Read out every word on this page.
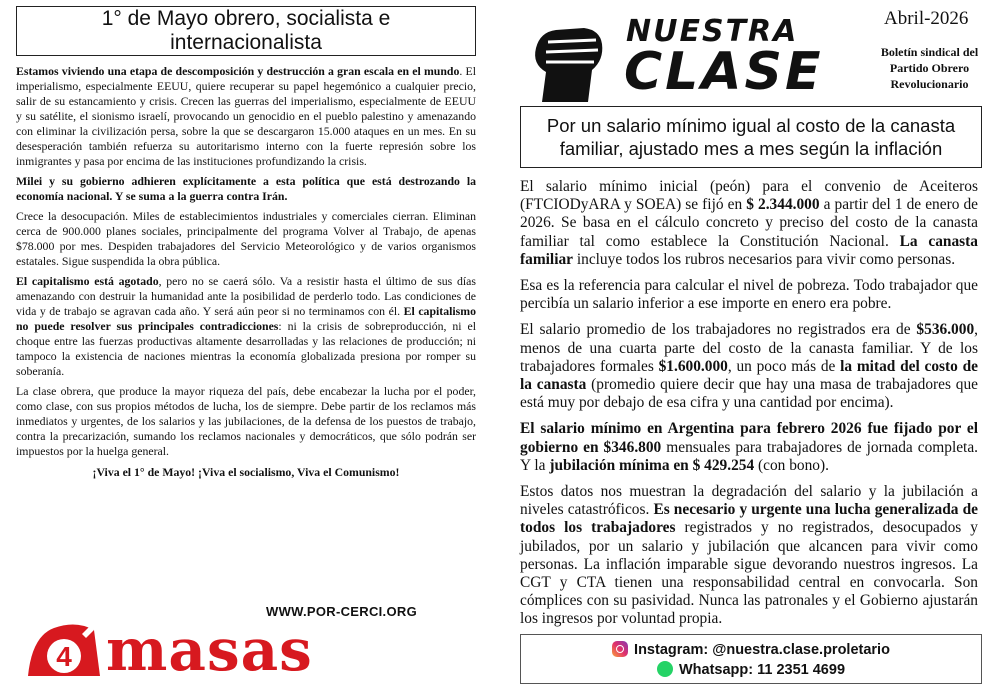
1° de Mayo obrero, socialista e internacionalista

Estamos viviendo una etapa de descomposición y destrucción a gran escala en el mundo. El imperialismo, especialmente EEUU, quiere recuperar su papel hegemónico a cualquier precio, salir de su estancamiento y crisis. Crecen las guerras del imperialismo, especialmente de EEUU y su satélite, el sionismo israelí, provocando un genocidio en el pueblo palestino y amenazando con eliminar la civilización persa, sobre la que se descargaron 15.000 ataques en un mes. En su desesperación también refuerza su autoritarismo interno con la fuerte represión sobre los inmigrantes y pasa por encima de las instituciones profundizando la crisis.

Milei y su gobierno adhieren explícitamente a esta política que está destrozando la economía nacional. Y se suma a la guerra contra Irán.

Crece la desocupación. Miles de establecimientos industriales y comerciales cierran. Eliminan cerca de 900.000 planes sociales, principalmente del programa Volver al Trabajo, de apenas $78.000 por mes. Despiden trabajadores del Servicio Meteorológico y de varios organismos estatales. Sigue suspendida la obra pública.

El capitalismo está agotado, pero no se caerá sólo. Va a resistir hasta el último de sus días amenazando con destruir la humanidad ante la posibilidad de perderlo todo. Las condiciones de vida y de trabajo se agravan cada año. Y será aún peor si no terminamos con él. El capitalismo no puede resolver sus principales contradicciones: ni la crisis de sobreproducción, ni el choque entre las fuerzas productivas altamente desarrolladas y las relaciones de producción; ni tampoco la existencia de naciones mientras la economía globalizada presiona por romper su soberanía.

La clase obrera, que produce la mayor riqueza del país, debe encabezar la lucha por el poder, como clase, con sus propios métodos de lucha, los de siempre. Debe partir de los reclamos más inmediatos y urgentes, de los salarios y las jubilaciones, de la defensa de los puestos de trabajo, contra la precarización, sumando los reclamos nacionales y democráticos, que sólo podrán ser impuestos por la huelga general.

¡Viva el 1° de Mayo! ¡Viva el socialismo, Viva el Comunismo!

WWW.POR-CERCI.ORG
4 masas
NUESTRA
CLASE
Abril-2026
Boletín sindical del Partido Obrero Revolucionario
Por un salario mínimo igual al costo de la canasta familiar, ajustado mes a mes según la inflación

El salario mínimo inicial (peón) para el convenio de Aceiteros (FTCIODyARA y SOEA) se fijó en $ 2.344.000 a partir del 1 de enero de 2026. Se basa en el cálculo concreto y preciso del costo de la canasta familiar tal como establece la Constitución Nacional. La canasta familiar incluye todos los rubros necesarios para vivir como personas.

Esa es la referencia para calcular el nivel de pobreza. Todo trabajador que percibía un salario inferior a ese importe en enero era pobre.

El salario promedio de los trabajadores no registrados era de $536.000, menos de una cuarta parte del costo de la canasta familiar. Y de los trabajadores formales $1.600.000, un poco más de la mitad del costo de la canasta (promedio quiere decir que hay una masa de trabajadores que está muy por debajo de esa cifra y una cantidad por encima).

El salario mínimo en Argentina para febrero 2026 fue fijado por el gobierno en $346.800 mensuales para trabajadores de jornada completa. Y la jubilación mínima en $ 429.254 (con bono).

Estos datos nos muestran la degradación del salario y la jubilación a niveles catastróficos. Es necesario y urgente una lucha generalizada de todos los trabajadores registrados y no registrados, desocupados y jubilados, por un salario y jubilación que alcancen para vivir como personas. La inflación imparable sigue devorando nuestros ingresos. La CGT y CTA tienen una responsabilidad central en convocarla. Son cómplices con su pasividad. Nunca las patronales y el Gobierno ajustarán los ingresos por voluntad propia.

Instagram: @nuestra.clase.proletario
Whatsapp: 11 2351 4699
